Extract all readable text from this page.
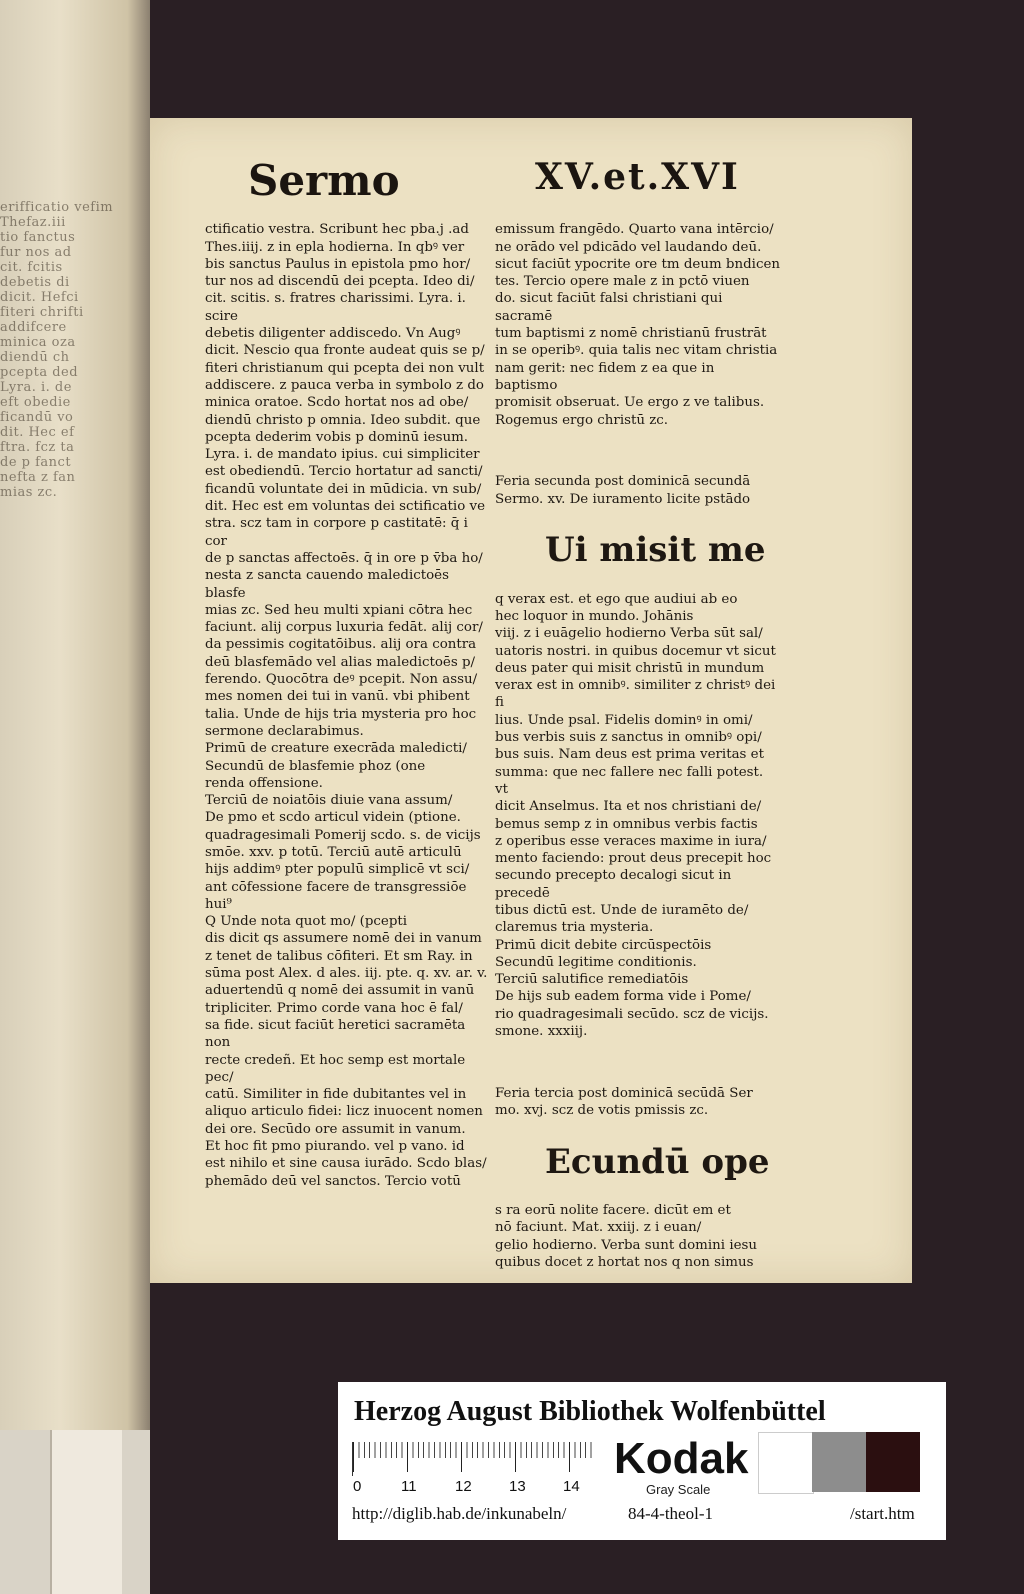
erifficatio vefim
Thefaz.iii
tio fanctus
fur nos ad
cit. fcitis
debetis di
dicit. Hefci
fiteri chrifti
addifcere
minica oza
diendū ch
pcepta ded
Lyra. i. de
eft obedie
ficandū vo
dit. Hec ef
ftra. fcz ta
de p fanct
nefta z fan
mias zc.
Sermo	XV.et.XVI

ctificatio vestra. Scribunt hec pba.j .ad
Thes.iiij. z in epla hodierna. In qbꝰ ver
bis sanctus Paulus in epistola pmo hor/
tur nos ad discendū dei pcepta. Ideo di/
cit. scitis. s. fratres charissimi. Lyra. i. scire
debetis diligenter addiscedo. Vn Augꝰ
dicit. Nescio qua fronte audeat quis se p/
fiteri christianum qui pcepta dei non vult
addiscere. z pauca verba in symbolo z do
minica oratoe. Scdo hortat nos ad obe/
diendū christo p omnia. Ideo subdit. que
pcepta dederim vobis p dominū iesum.
Lyra. i. de mandato ipius. cui simpliciter
est obediendū. Tercio hortatur ad sancti/
ficandū voluntate dei in mūdicia. vn sub/
dit. Hec est em voluntas dei sctificatio ve
stra. scz tam in corpore p castitatē: q̄ i cor
de p sanctas affectoēs. q̄ in ore p v̄ba ho/
nesta z sancta cauendo maledictoēs blasfe
mias zc. Sed heu multi xpiani cōtra hec
faciunt. alij corpus luxuria fedāt. alij cor/
da pessimis cogitatōibus. alij ora contra
deū blasfemādo vel alias maledictoēs p/
ferendo. Quocōtra deꝰ pcepit. Non assu/
mes nomen dei tui in vanū. vbi phibent
talia. Unde de hijs tria mysteria pro hoc
sermone declarabimus.
Primū de creature execrāda maledicti/
Secundū de blasfemie phoz (one
renda offensione.
Terciū de noiatōis diuie vana assum/
De pmo et scdo articul videin (ptione.
quadragesimali Pomerij scdo. s. de vicijs
smōe. xxv. p totū. Terciū autē articulū
hijs addimꝰ pter populū simplicē vt sci/
ant cōfessione facere de transgressiōe hui⁹
Q Unde nota quot mo/ (pcepti
dis dicit qs assumere nomē dei in vanum
z tenet de talibus cōfiteri. Et sm Ray. in
sūma post Alex. d ales. iij. pte. q. xv. ar. v.
aduertendū q nomē dei assumit in vanū
tripliciter. Primo corde vana hoc ē fal/
sa fide. sicut faciūt heretici sacramēta non
recte credeñ. Et hoc semp est mortale pec/
catū. Similiter in fide dubitantes vel in
aliquo articulo fidei: licz inuocent nomen
dei ore. Secūdo ore assumit in vanum.
Et hoc fit pmo piurando. vel p vano. id
est nihilo et sine causa iurādo. Scdo blas/
phemādo deū vel sanctos. Tercio votū

emissum frangēdo. Quarto vana intērcio/
ne orādo vel pdicādo vel laudando deū.
sicut faciūt ypocrite ore tm deum bndicen
tes. Tercio opere male z in pctō viuen
do. sicut faciūt falsi christiani qui sacramē
tum baptismi z nomē christianū frustrāt
in se operibꝰ. quia talis nec vitam christia
nam gerit: nec fidem z ea que in baptismo
promisit obseruat. Ue ergo z ve talibus.
Rogemus ergo christū zc.

Feria secunda post dominicā secundā
Sermo. xv. De iuramento licite pstādo

Ui misit me

q verax est. et ego que audiui ab eo
hec loquor in mundo. Johānis
viij. z i euāgelio hodierno Verba sūt sal/
uatoris nostri. in quibus docemur vt sicut
deus pater qui misit christū in mundum
verax est in omnibꝰ. similiter z christꝰ dei fi
lius. Unde psal. Fidelis dominꝰ in omi/
bus verbis suis z sanctus in omnibꝰ opi/
bus suis. Nam deus est prima veritas et
summa: que nec fallere nec falli potest. vt
dicit Anselmus. Ita et nos christiani de/
bemus semp z in omnibus verbis factis
z operibus esse veraces maxime in iura/
mento faciendo: prout deus precepit hoc
secundo precepto decalogi sicut in precedē
tibus dictū est. Unde de iuramēto de/
claremus tria mysteria.
Primū dicit debite circūspectōis
Secundū legitime conditionis.
Terciū salutifice remediatōis
De hijs sub eadem forma vide i Pome/
rio quadragesimali secūdo. scz de vicijs.
smone. xxxiij.

Feria tercia post dominicā secūdā Ser
mo. xvj. scz de votis pmissis zc.

Ecundū ope

s ra eorū nolite facere. dicūt em et
nō faciunt. Mat. xxiij. z i euan/
gelio hodierno. Verba sunt domini iesu
quibus docet z hortat nos q non simus

Herzog August Bibliothek Wolfenbüttel
0	11	12 13 14
Kodak
Gray Scale
http://diglib.hab.de/inkunabeln/	84-4-theol-1	/start.htm
